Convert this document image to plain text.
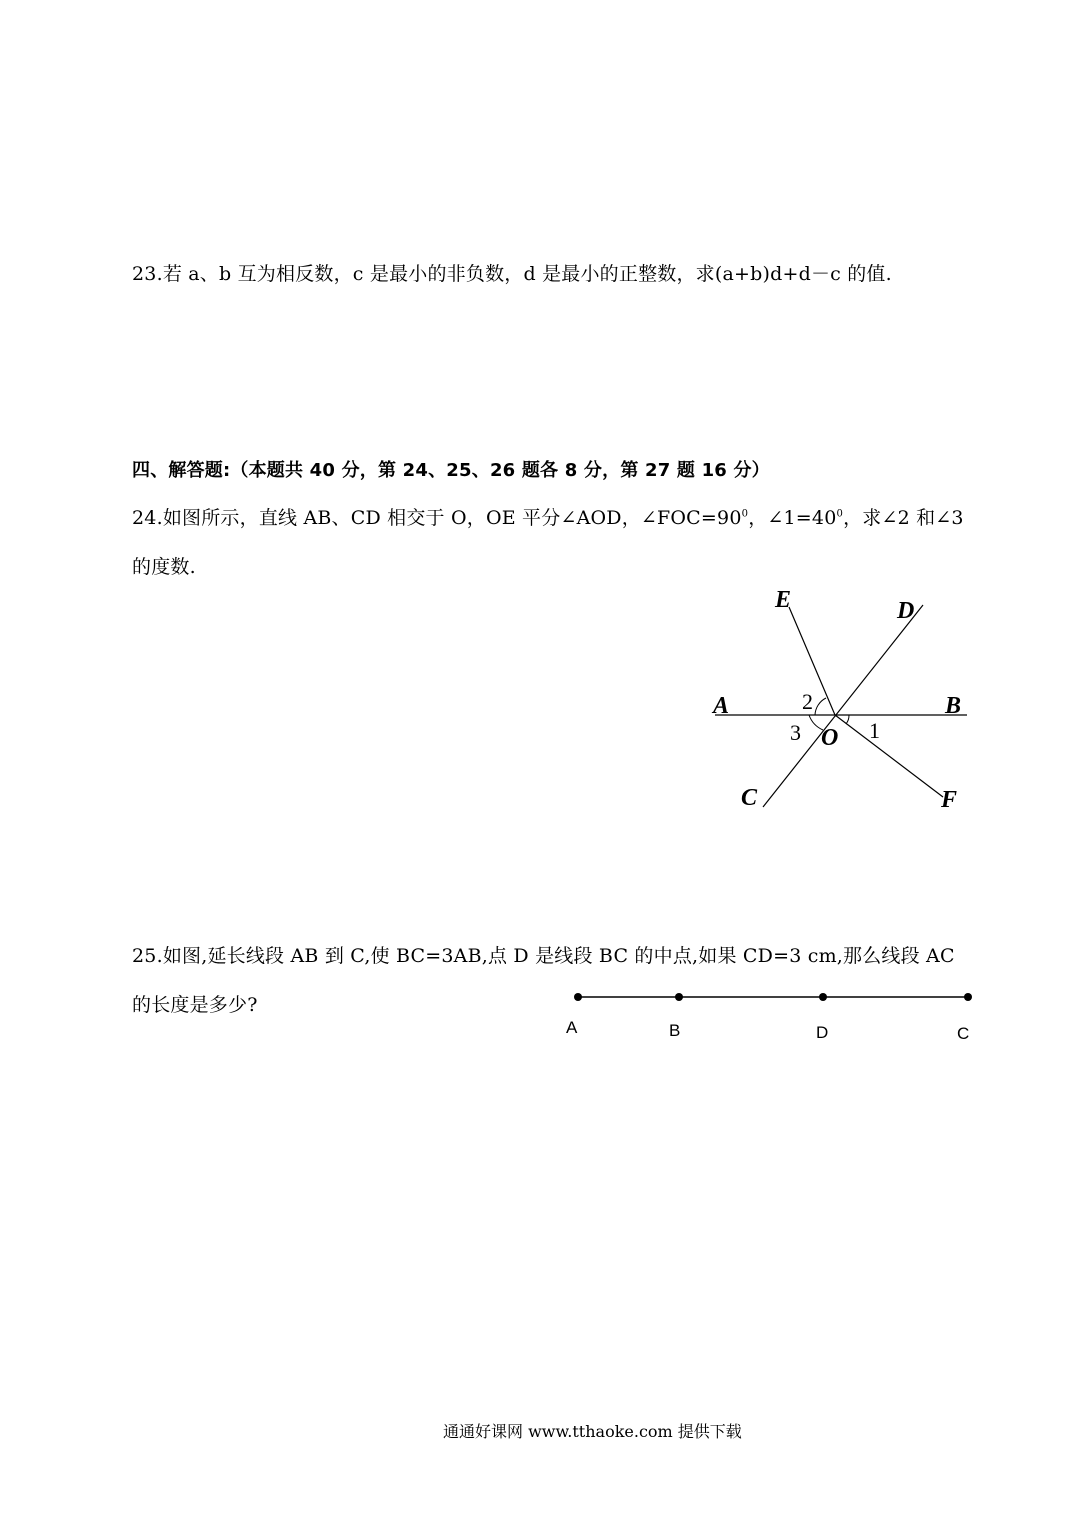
23.若 a、b 互为相反数，c 是最小的非负数，d 是最小的正整数，求(a+b)d+d－c 的值.
四、解答题:（本题共 40 分，第 24、25、26 题各 8 分，第 27 题 16 分）
24.如图所示，直线 AB、CD 相交于 O，OE 平分∠AOD，$\angle FOC=90^0$，$\angle 1=40^0$，求∠2 和∠3
的度数.
E	D
A	B
2
3 O 1
C	F
25.如图,延长线段 AB 到 C,使 BC=3AB,点 D 是线段 BC 的中点,如果 CD=3 cm,那么线段 AC
的长度是多少?
A	B	D	C
通通好课网 www.tthaoke.com 提供下载
